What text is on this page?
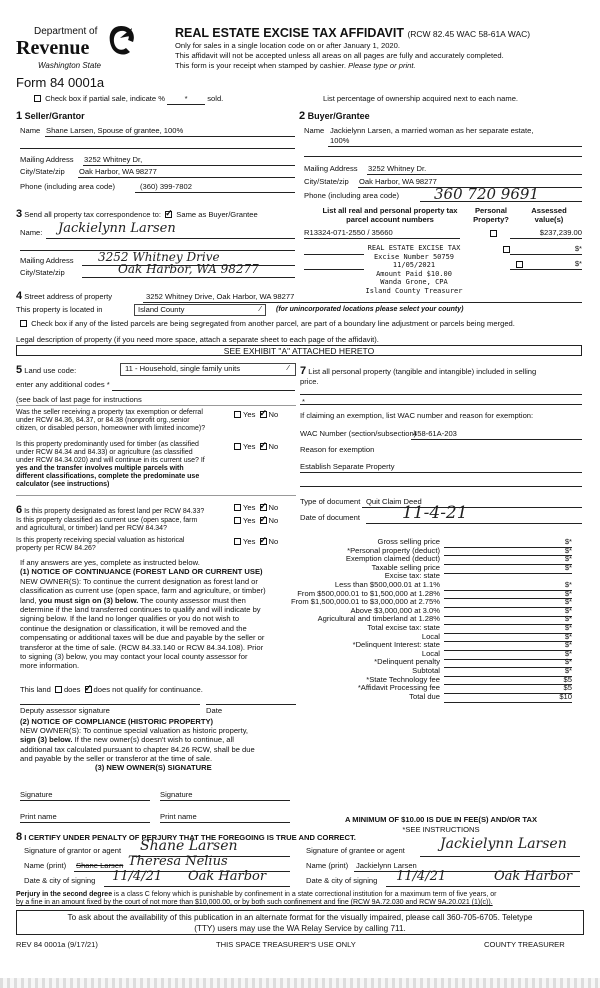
Department of
Revenue
Washington State
Form 84 0001a
REAL ESTATE EXCISE TAX AFFIDAVIT (RCW 82.45 WAC 58-61A WAC)
Only for sales in a single location code on or after January 1, 2020.
This affidavit will not be accepted unless all areas on all pages are fully and accurately completed.
This form is your receipt when stamped by cashier. Please type or print.
Check box if partial sale, indicate %	*	sold.	List percentage of ownership acquired next to each name.
1 Seller/Grantor
Name Shane Larsen, Spouse of grantee, 100%
Mailing Address 3252 Whitney Dr,
City/State/zip Oak Harbor, WA 98277
Phone (including area code)	(360) 399-7802
2 Buyer/Grantee
Name Jackielynn Larsen, a married woman as her separate estate,
100%
Mailing Address 3252 Whitney Dr.
City/State/zip Oak Harbor, WA 98277
Phone (including area code) 360 720 9691
3 Send all property tax correspondence to: ✓ Same as Buyer/Grantee
Name: Jackielynn Larsen
Mailing Address 3252 Whitney Drive
City/State/zip	Oak Harbor, WA 98277
List all real and personal property tax
parcel account numbers
Personal
Property?
Assessed
value(s)
R13324-071-2550 / 35660
	$237,239.00

$*
$*
REAL ESTATE EXCISE TAX
Excise Number 50759
11/05/2021
Amount Paid $10.00
Wanda Grone, CPA
Island County Treasurer
4 Street address of property	3252 Whitney Drive, Oak Harbor, WA 98277
This property is located in	Island County	⁄ (for unincorporated locations please select your county)
Check box if any of the listed parcels are being segregated from another parcel, are part of a boundary line adjustment or parcels being merged.
Legal description of property (if you need more space, attach a separate sheet to each page of the affidavit).
SEE EXHIBIT "A" ATTACHED HERETO
5 Land use code:	11 - Household, single family units	⁄
enter any additional codes *
(see back of last page for instructions
Was the seller receiving a property tax exemption or deferral
under RCW 84.36, 84.37, or 84.38 (nonprofit org.,senior
citizen, or disabled person, homeowner with limited income)?
Yes ✓ No
Is this property predominantly used for timber (as classified
under RCW 84.34 and 84.33) or agriculture (as classified
under RCW 84.34.020) and will continue in its current use? If
yes and the transfer involves multiple parcels with
different classifications, complete the predominate use
calculator (see instructions)
Yes ✓ No
6 Is this property designated as forest land per RCW 84.33?	Yes ✓ No
Is this property classified as current use (open space, farm
and agricultural, or timber) land per RCW 84.34?
Yes ✓ No
Is this property receiving special valuation as historical
property per RCW 84.26?
Yes ✓ No
If any answers are yes, complete as instructed below.
(1) NOTICE OF CONTINUANCE (FOREST LAND OR CURRENT USE)
NEW OWNER(S): To continue the current designation as forest land or
classification as current use (open space, farm and agriculture, or timber)
land, you must sign on (3) below. The county assessor must then
determine if the land transferred continues to qualify and will indicate by
signing below. If the land no longer qualifies or you do not wish to
continue the designation or classification, it will be removed and the
compensating or additional taxes will be due and payable by the seller or
transferor at the time of sale. (RCW 84.33.140 or RCW 84.34.108). Prior
to signing (3) below, you may contact your local county assessor for
more information.
This land does ✓ does not qualify for continuance.
Deputy assessor signature	Date
(2) NOTICE OF COMPLIANCE (HISTORIC PROPERTY)
NEW OWNER(S): To continue special valuation as historic property,
sign (3) below. If the new owner(s) doesn't wish to continue, all
additional tax calculated pursuant to chapter 84.26 RCW, shall be due
and payable by the seller or transferor at the time of sale.
(3) NEW OWNER(S) SIGNATURE
Signature	Signature
Print name	Print name
7 List all personal property (tangible and intangible) included in selling
price.
*
If claiming an exemption, list WAC number and reason for exemption:
WAC Number (section/subsection)
458-61A-203
Reason for exemption
Establish Separate Property
Type of document Quit Claim Deed
Date of document 11-4-21
Gross selling price	$*
*Personal property (deduct)	$*
Exemption claimed (deduct)	$*
Taxable selling price	$*
Excise tax: state
Less than $500,000.01 at 1.1%	$*
From $500,000.01 to $1,500,000 at 1.28%	$*
From $1,500,000.01 to $3,000,000 at 2.75%	$*
Above $3,000,000 at 3.0%	$*
Agricultural and timberland at 1.28%	$*
Total excise tax: state	$*
Local	$*
*Delinquent Interest: state	$*
Local	$*
*Delinquent penalty	$*
Subtotal	$*
*State Technology fee	$5
*Affidavit Processing fee	$5
Total due	$10
A MINIMUM OF $10.00 IS DUE IN FEE(S) AND/OR TAX
*SEE INSTRUCTIONS
8 I CERTIFY UNDER PENALTY OF PERJURY THAT THE FOREGOING IS TRUE AND CORRECT.
Signature of grantor or agent Shane Larsen	Signature of grantee or agent	Jackielynn Larsen
Name (print) Shane Larsen Theresa Nelius	Name (print) Jackielynn Larsen
Date & city of signing 11/4/21 Oak Harbor	Date & city of signing 11/4/21	Oak Harbor
Perjury in the second degree is a class C felony which is punishable by confinement in a state correctional institution for a maximum term of five years, or
by a fine in an amount fixed by the court of not more than $10,000.00, or by both such confinement and fine (RCW 9A.72.030 and RCW 9A.20.021 (1)(c)).
To ask about the availability of this publication in an alternate format for the visually impaired, please call 360-705-6705. Teletype
(TTY) users may use the WA Relay Service by calling 711.
REV 84 0001a (9/17/21)	THIS SPACE TREASURER'S USE ONLY	COUNTY TREASURER
